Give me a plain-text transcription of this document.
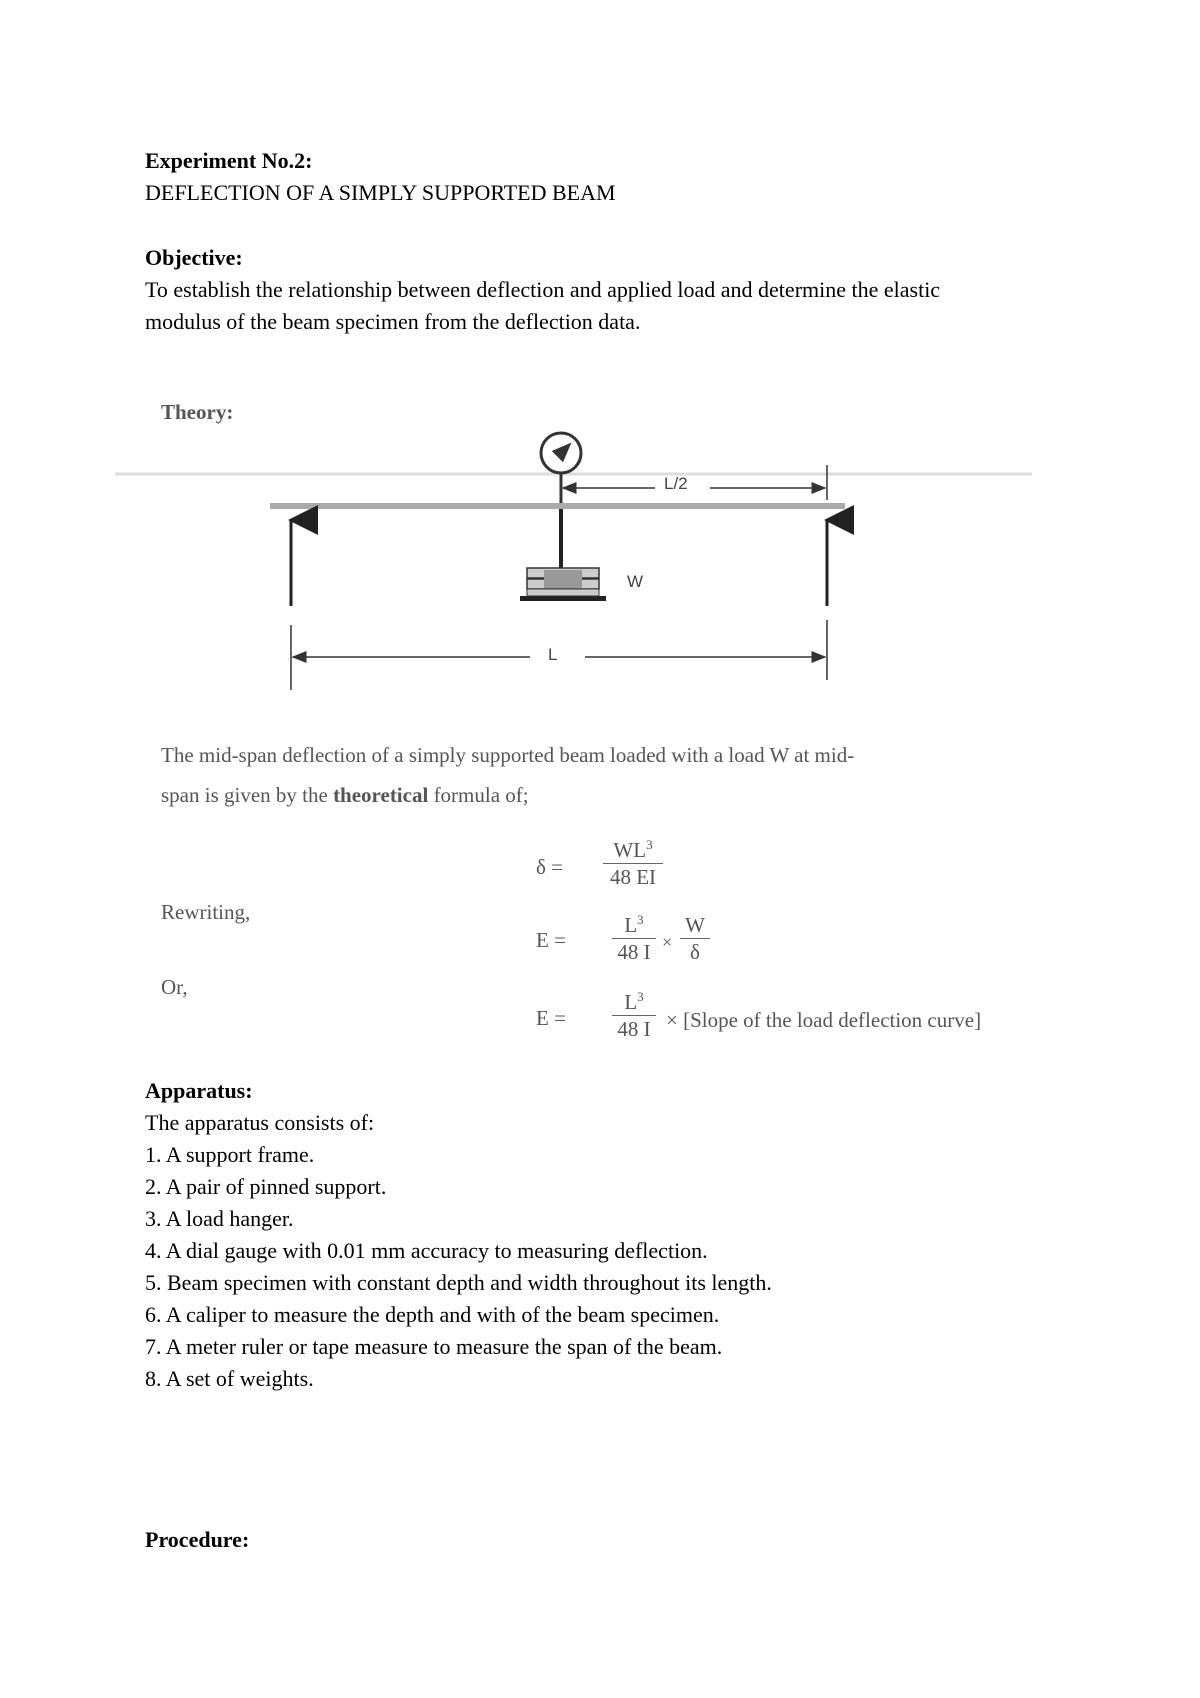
Experiment No.2:
DEFLECTION OF A SIMPLY SUPPORTED BEAM
Objective:
To establish the relationship between deflection and applied load and determine the elastic
modulus of the beam specimen from the deflection data.
Theory:
L/2
W
L
The mid-span deflection of a simply supported beam loaded with a load W at mid-
span is given by the theoretical formula of;
$\delta = \frac{WL^3}{48 EI}$
Rewriting,
$E = \frac{L^3}{48 I} \times \frac{W}{\delta}$
Or,
$E = \frac{L^3}{48 I}$ × [Slope of the load deflection curve]
Apparatus:
The apparatus consists of:
1. A support frame.
2. A pair of pinned support.
3. A load hanger.
4. A dial gauge with 0.01 mm accuracy to measuring deflection.
5. Beam specimen with constant depth and width throughout its length.
6. A caliper to measure the depth and with of the beam specimen.
7. A meter ruler or tape measure to measure the span of the beam.
8. A set of weights.
Procedure:
